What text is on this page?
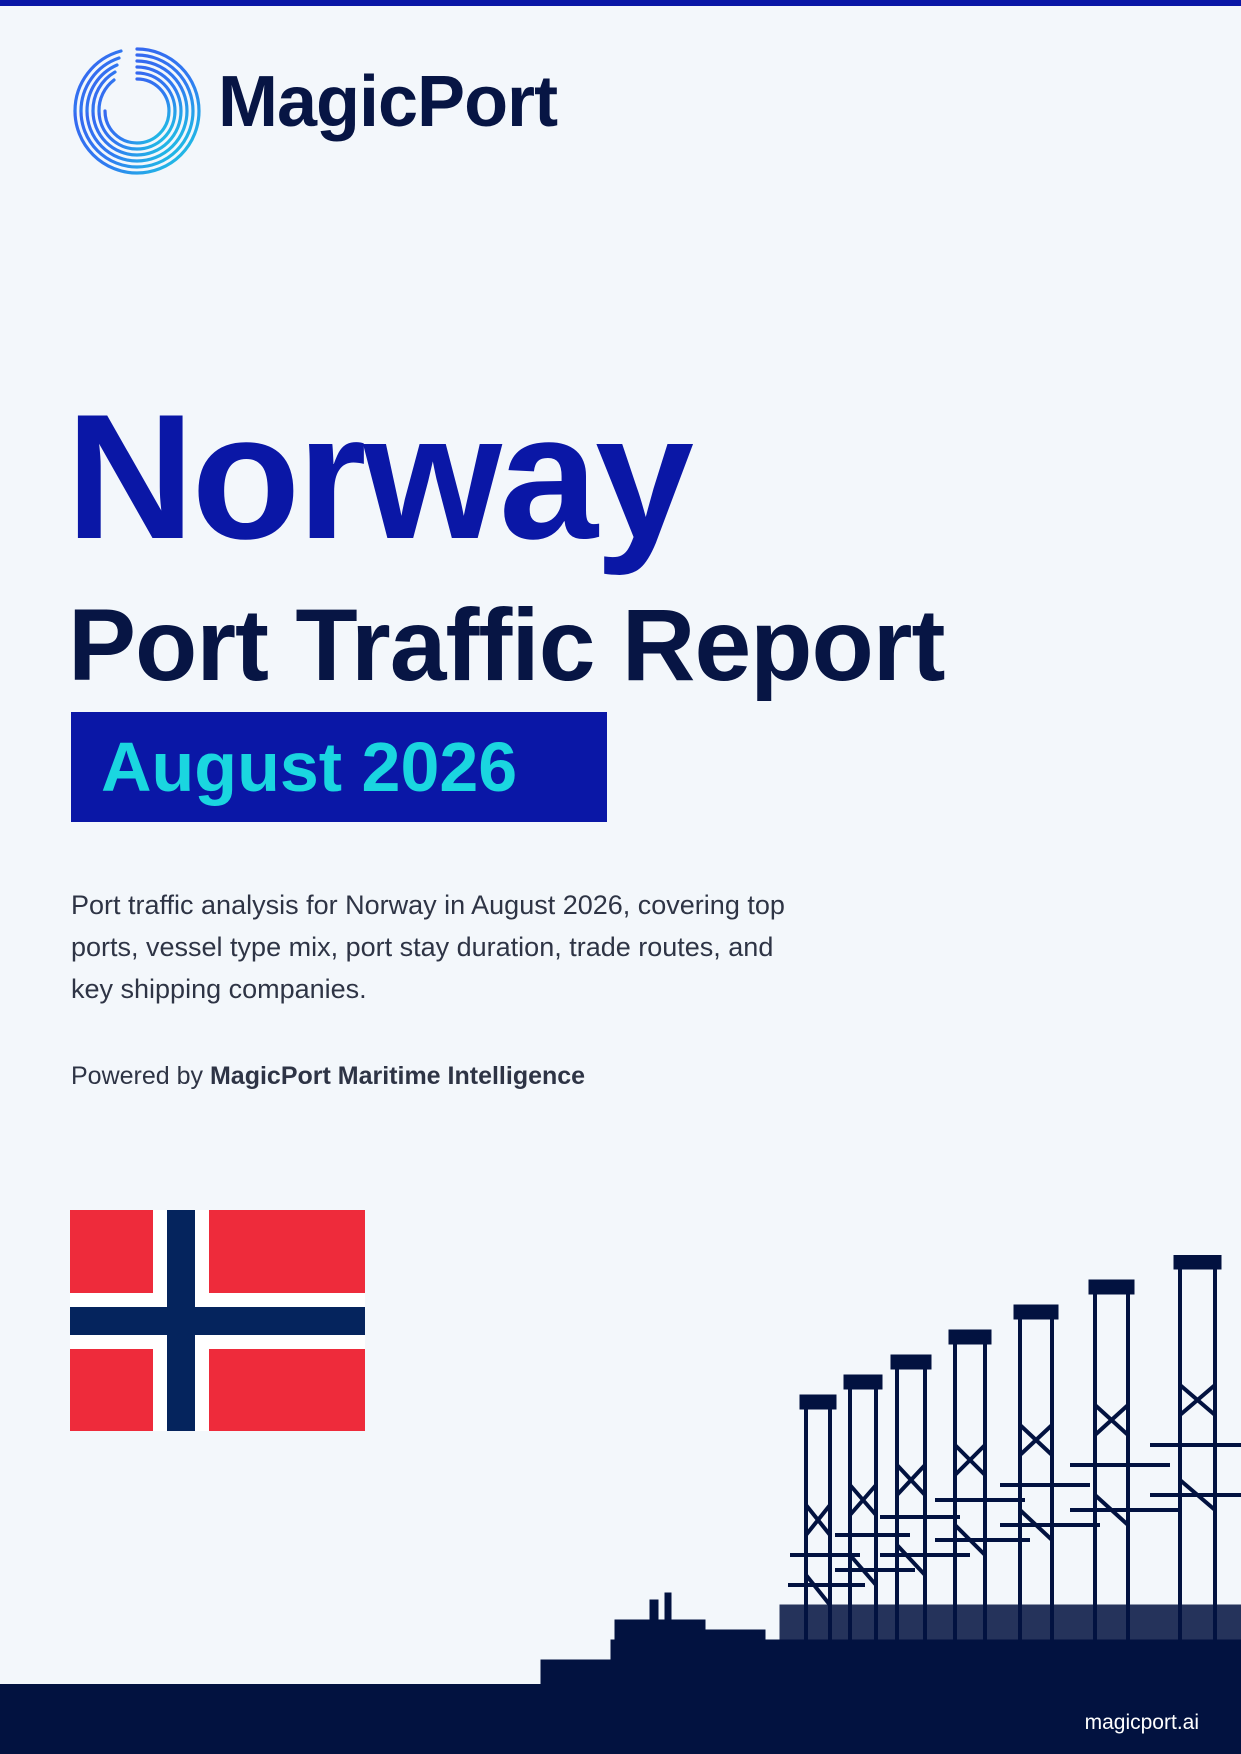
MagicPort
Norway
Port Traffic Report
August 2026
Port traffic analysis for Norway in August 2026, covering top ports, vessel type mix, port stay duration, trade routes, and key shipping companies.
Powered by MagicPort Maritime Intelligence
magicport.ai
